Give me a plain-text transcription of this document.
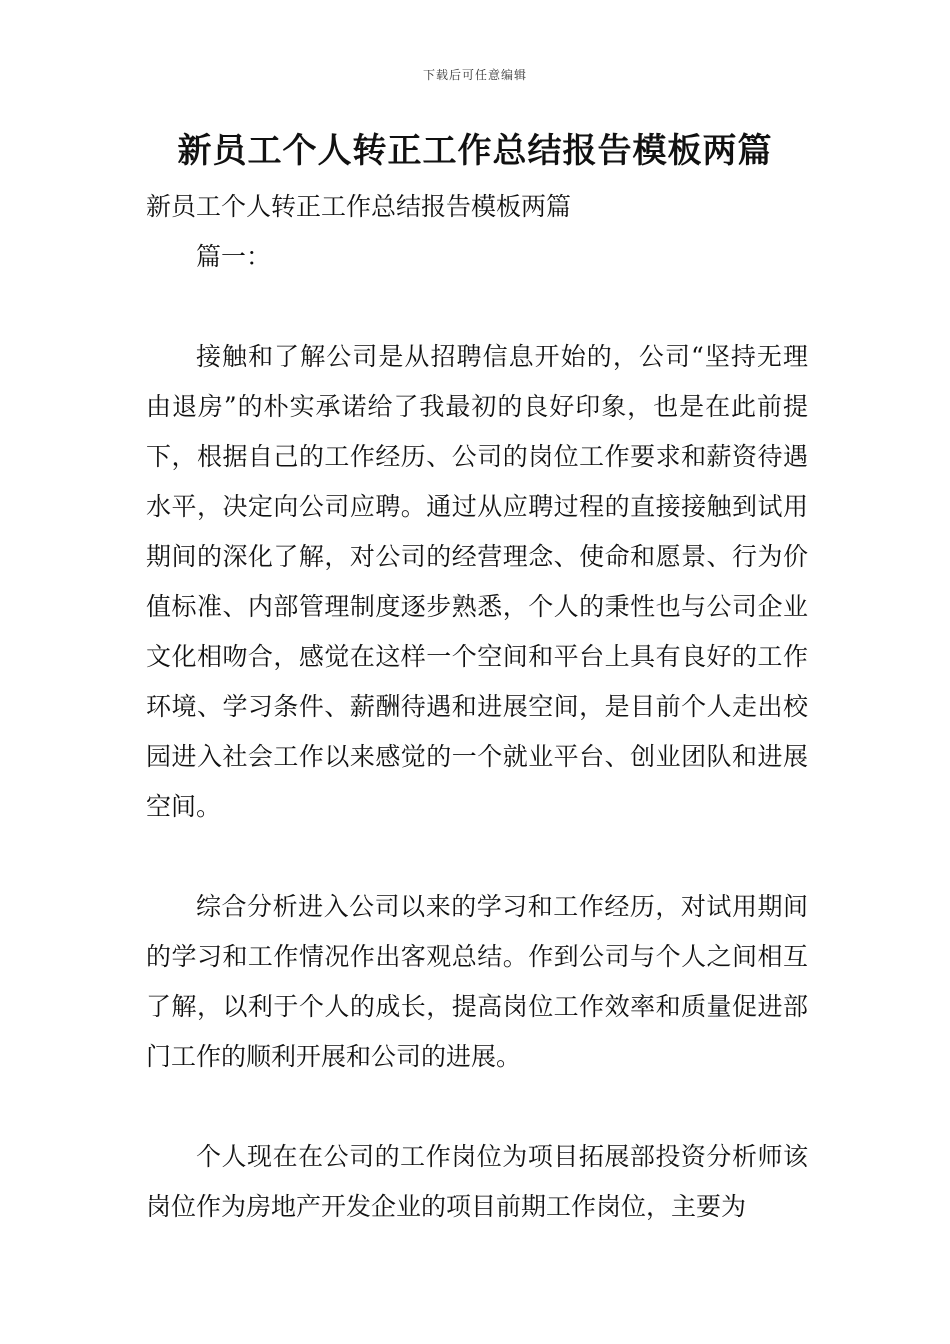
下载后可任意编辑
新员工个人转正工作总结报告模板两篇

新员工个人转正工作总结报告模板两篇

篇一：

接触和了解公司是从招聘信息开始的，公司“坚持无理由退房”的朴实承诺给了我最初的良好印象，也是在此前提下，根据自己的工作经历、公司的岗位工作要求和薪资待遇水平，决定向公司应聘。通过从应聘过程的直接接触到试用期间的深化了解，对公司的经营理念、使命和愿景、行为价值标准、内部管理制度逐步熟悉，个人的秉性也与公司企业文化相吻合，感觉在这样一个空间和平台上具有良好的工作环境、学习条件、薪酬待遇和进展空间，是目前个人走出校园进入社会工作以来感觉的一个就业平台、创业团队和进展空间。

综合分析进入公司以来的学习和工作经历，对试用期间的学习和工作情况作出客观总结。作到公司与个人之间相互了解，以利于个人的成长，提高岗位工作效率和质量促进部门工作的顺利开展和公司的进展。

个人现在在公司的工作岗位为项目拓展部投资分析师该岗位作为房地产开发企业的项目前期工作岗位，主要为
